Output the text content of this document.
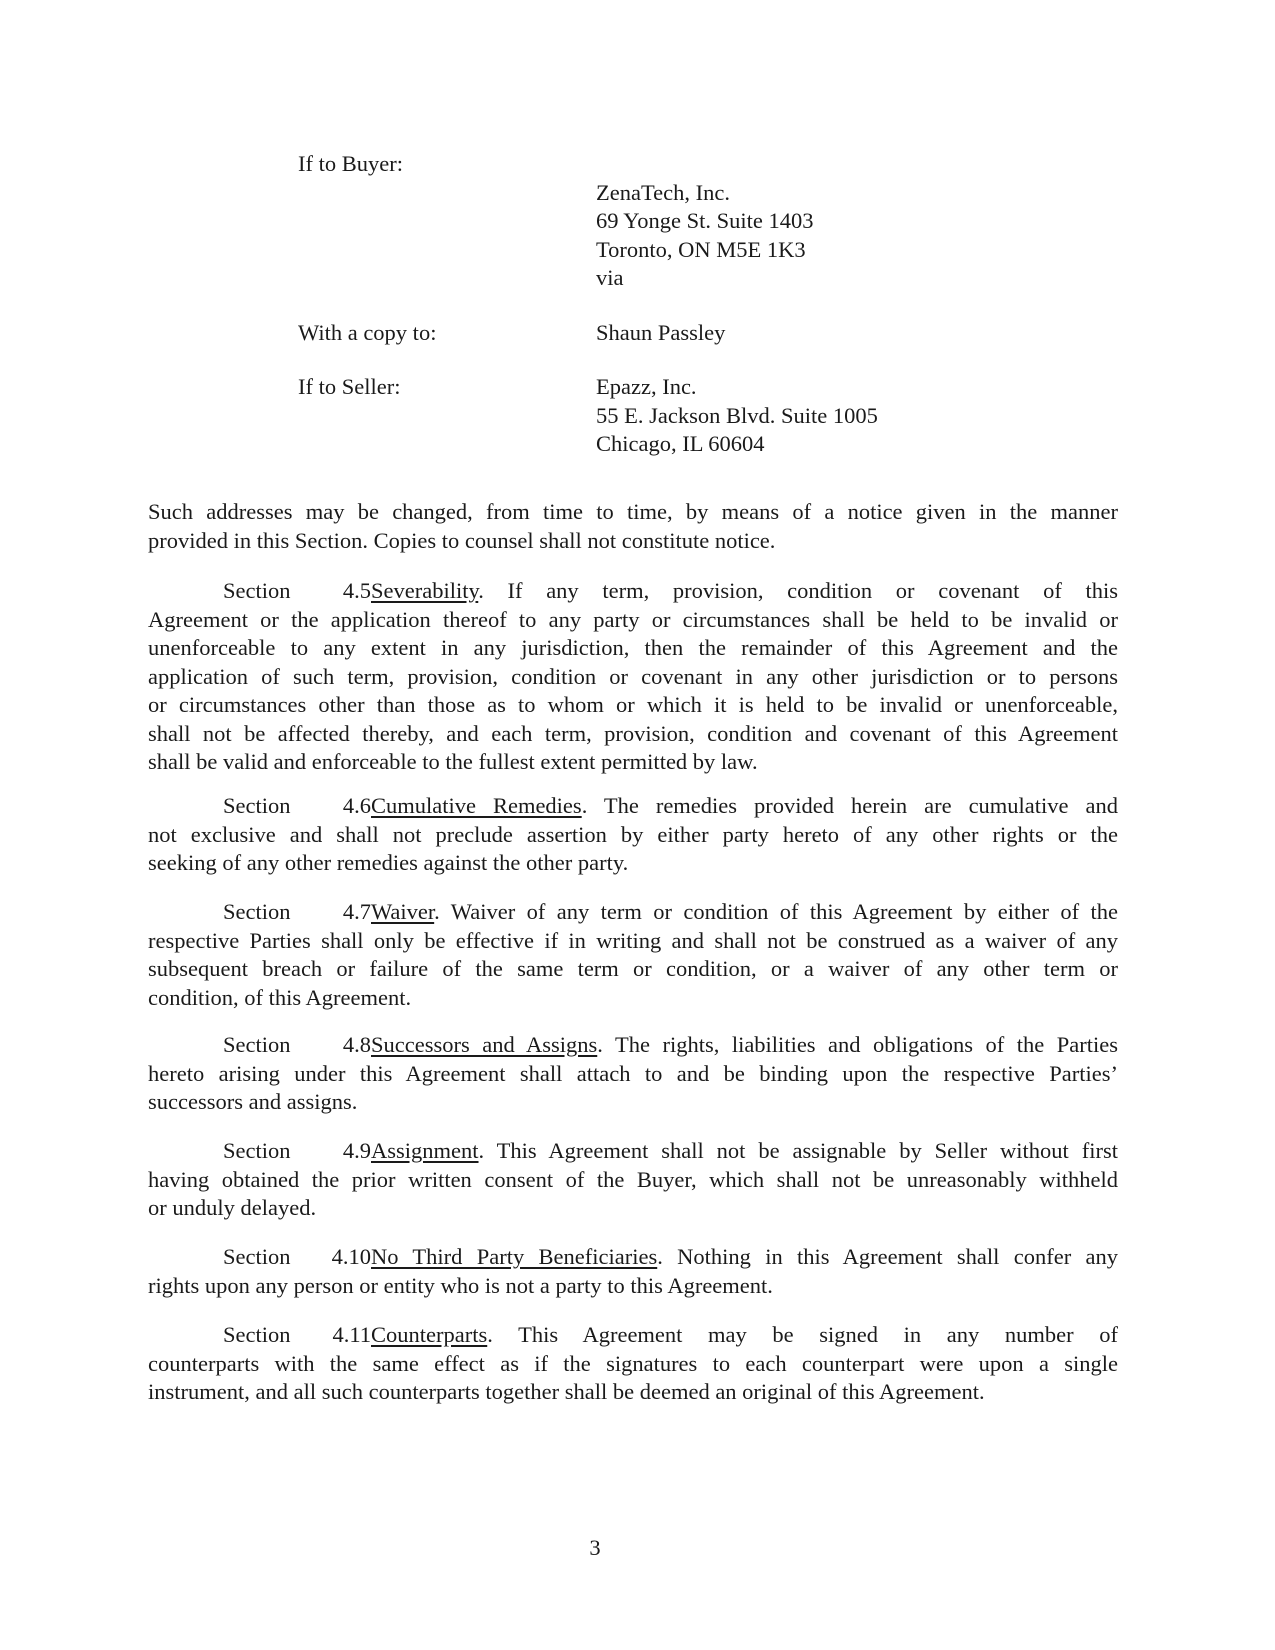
If to Buyer:

ZenaTech, Inc.
69 Yonge St. Suite 1403
Toronto, ON M5E 1K3
via
With a copy to:	Shaun Passley
If to Seller:	Epazz, Inc.
55 E. Jackson Blvd. Suite 1005
Chicago, IL 60604
Such addresses may be changed, from time to time, by means of a notice given in the manner
provided in this Section. Copies to counsel shall not constitute notice.
Section 4.5Severability. If any term, provision, condition or covenant of this
Agreement or the application thereof to any party or circumstances shall be held to be invalid or
unenforceable to any extent in any jurisdiction, then the remainder of this Agreement and the
application of such term, provision, condition or covenant in any other jurisdiction or to persons
or circumstances other than those as to whom or which it is held to be invalid or unenforceable,
shall not be affected thereby, and each term, provision, condition and covenant of this Agreement
shall be valid and enforceable to the fullest extent permitted by law.
Section 4.6Cumulative Remedies. The remedies provided herein are cumulative and
not exclusive and shall not preclude assertion by either party hereto of any other rights or the
seeking of any other remedies against the other party.
Section 4.7Waiver. Waiver of any term or condition of this Agreement by either of the
respective Parties shall only be effective if in writing and shall not be construed as a waiver of any
subsequent breach or failure of the same term or condition, or a waiver of any other term or
condition, of this Agreement.
Section 4.8Successors and Assigns. The rights, liabilities and obligations of the Parties
hereto arising under this Agreement shall attach to and be binding upon the respective Parties’
successors and assigns.
Section 4.9Assignment. This Agreement shall not be assignable by Seller without first
having obtained the prior written consent of the Buyer, which shall not be unreasonably withheld
or unduly delayed.
Section 4.10No Third Party Beneficiaries. Nothing in this Agreement shall confer any
rights upon any person or entity who is not a party to this Agreement.
Section 4.11Counterparts. This Agreement may be signed in any number of
counterparts with the same effect as if the signatures to each counterpart were upon a single
instrument, and all such counterparts together shall be deemed an original of this Agreement.
3
